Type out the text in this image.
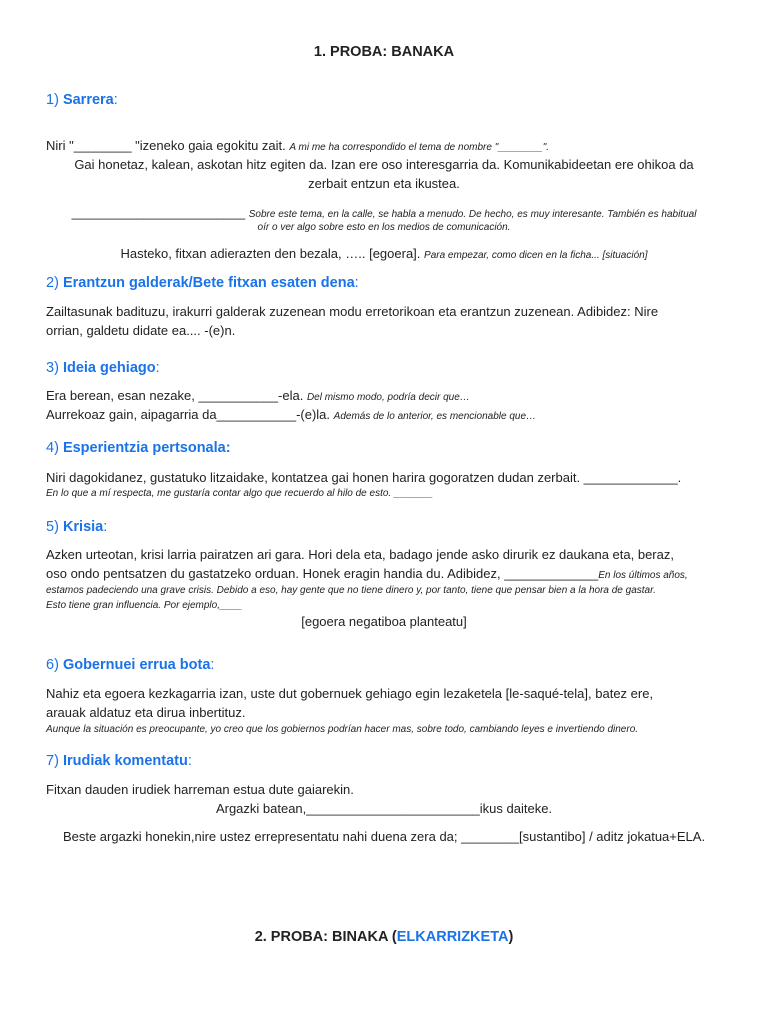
1. PROBA: BANAKA
1) Sarrera:
Niri "________ "izeneko gaia egokitu zait. A mi me ha correspondido el tema de nombre "________".
Gai honetaz, kalean, askotan hitz egiten da. Izan ere oso interesgarria da. Komunikabideetan ere ohikoa da
zerbait entzun eta ikustea.
________________________ Sobre este tema, en la calle, se habla a menudo. De hecho, es muy interesante. También es habitual
oír o ver algo sobre esto en los medios de comunicación.
Hasteko, fitxan adierazten den bezala, ….. [egoera]. Para empezar, como dicen en la ficha... [situación]
2) Erantzun galderak/Bete fitxan esaten dena:
Zailtasunak badituzu, irakurri galderak zuzenean modu erretorikoan eta erantzun zuzenean. Adibidez: Nire
orrian, galdetu didate ea.... -(e)n.
3) Ideia gehiago:
Era berean, esan nezake, ___________-ela. Del mismo modo, podría decir que…
Aurrekoaz gain, aipagarria da___________-(e)la. Además de lo anterior, es mencionable que…
4) Esperientzia pertsonala:
Niri dagokidanez, gustatuko litzaidake, kontatzea gai honen harira gogoratzen dudan zerbait. _____________.
En lo que a mí respecta, me gustaría contar algo que recuerdo al hilo de esto. _______
5) Krisia:
Azken urteotan, krisi larria pairatzen ari gara. Hori dela eta, badago jende asko dirurik ez daukana eta, beraz,
oso ondo pentsatzen du gastatzeko orduan. Honek eragin handia du. Adibidez, _____________En los últimos años,
estamos padeciendo una grave crisis. Debido a eso, hay gente que no tiene dinero y, por tanto, tiene que pensar bien a la hora de gastar.
Esto tiene gran influencia. Por ejemplo,____
[egoera negatiboa planteatu]
6) Gobernuei errua bota:
Nahiz eta egoera kezkagarria izan, uste dut gobernuek gehiago egin lezaketela [le-saqué-tela], batez ere,
arauak aldatuz eta dirua inbertituz.
Aunque la situación es preocupante, yo creo que los gobiernos podrían hacer mas, sobre todo, cambiando leyes e invertiendo dinero.
7) Irudiak komentatu:
Fitxan dauden irudiek harreman estua dute gaiarekin.
Argazki batean,________________________ikus daiteke.
Beste argazki honekin,nire ustez errepresentatu nahi duena zera da; ________[sustantibo] / aditz jokatua+ELA.
2. PROBA: BINAKA (ELKARRIZKETA)
